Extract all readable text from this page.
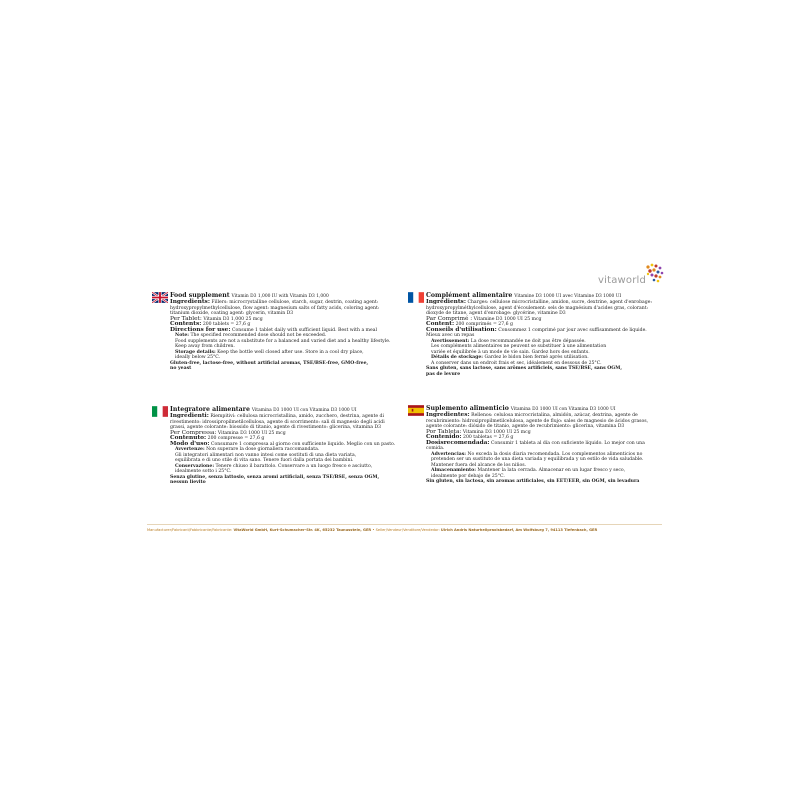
vitaworld

Food supplement Vitamin D3 1,000 IU with Vitamin D3 1,000

Ingredients: Fillers: microcrystalline cellulose, starch, sugar, dextrin, coating agent: hydroxypropylmethylcellulose, flow agent: magnesium salts of fatty acids, coloring agent: titanium dioxide, coating agent: glycerin, vitamin D3

Per Tablet: Vitamin D3 1,000 25 mcg

Contents: 200 tablets = 27,6 g

Directions for use: Consume 1 tablet daily with sufficient liquid. Best with a meal

Note: The specified recommended dose should not be exceeded.

Food supplements are not a substitute for a balanced and varied diet and a healthy lifestyle.

Keep away from children.

Storage details: Keep the bottle well closed after use. Store in a cool dry place,

ideally below 25°C.

Gluten-free, lactose-free, without artificial aromas, TSE/BSE-free, GMO-free,

no yeast

Complément alimentaire Vitamine D3 1000 UI avec Vitamine D3 1000 UI

Ingrédients: Charges: cellulose microcristalline, amidon, sucre, dextrine, agent d'enrobage: hydroxypropylméthylcellulose, agent d'écoulement: sels de magnésium d'acides gras, colorant: dioxyde de titane, agent d'enrobage: glycérine, vitamine D3

Par Comprimé : Vitamine D3 1000 UI 25 mcg

Content: 200 comprimés = 27,6 g

Conseils d'utilisation: Consommez 1 comprimé par jour avec suffisamment de liquide.

Mieux avec un repas

Avertissement: La dose recommandée ne doit pas être dépassée.

Les compléments alimentaires ne peuvent se substituer à une alimentation

variée et équilibrée à un mode de vie sain. Gardez hors des enfants.

Détails de stockage: Gardez le bidon bien fermé après utilisation.

A conserver dans un endroit frais et sec, idéalement en dessous de 25°C.

Sans gluten, sans lactose, sans arômes artificiels, sans TSE/BSE, sans OGM,

pas de levure

Integratore alimentare Vitamina D3 1000 UI con Vitamina D3 1000 UI

Ingredienti: Riempitivi: cellulosa microcristallina, amido, zucchero, destrina, agente di rivestimento: idrossipropilmetilcellulosa, agente di scorrimento: sali di magnesio degli acidi grassi, agente colorante: biossido di titanio, agente di rivestimento: glicerina, vitamina D3

Per Compressa: Vitamina D3 1000 UI 25 mcg

Contenuto: 200 compresse = 27,6 g

Modo d'uso: Consumare 1 compressa al giorno con sufficiente liquido. Meglio con un pasto.

Avvertenze: Non superare la dose giornaliera raccomandata.

Gli integratori alimentari non vanno intesi come sostituti di una dieta variata,

equilibrata e di uno stile di vita sano. Tenere fuori dalla portata dei bambini.

Conservazione: Tenere chiuso il barattolo. Conservare a un luogo fresco e asciutto,

idealmente sotto i 25°C.

Senza glutine, senza lattosio, senza aromi artificiali, senza TSE/BSE, senza OGM,

nessun lievito

Suplemento alimenticio Vitamina D3 1000 UI con Vitamina D3 1000 UI

Ingredientes: Rellenos: celulosa microcristalina, almidón, azúcar, dextrina, agente de recubrimiento: hidroxipropilmetilcelulosa, agente de flujo: sales de magnesio de ácidos grasos, agente colorante: dióxido de titanio, agente de recubrimiento: glicerina, vitamina D3

Por Tableta: Vitamina D3 1000 UI 25 mcg

Contenido: 200 tabletas = 27,6 g

Dosisrecomendada: Consumir 1 tableta al día con suficiente líquido. Lo mejor con una

comida.

Advertencias: No exceda la dosis diaria recomendada. Los complementos alimenticios no

pretenden ser un sustituto de una dieta variada y equilibrada y un estilo de vida saludable.

Mantener fuera del alcance de los niños.

Almacenamiento: Mantener la lata cerrada. Almacenar en un lugar fresco y seco,

idealmente por debajo de 25°C.

Sin gluten, sin lactosa, sin aromas artificiales, sin EET/EEB, sin OGM, sin levadura

Manufacturer/Fabricant/Fabbricante/Fabricante: VitaWorld GmbH, Kurt-Schumacher-Str. 4K, 65232 Taunusstein, GER • Seller/Vendeur/Venditore/Vendedor: Ulrich Andris Naturheilpraxisbedarf, Am Wolfsburg 7, 94113 Tiefenbach, GER
